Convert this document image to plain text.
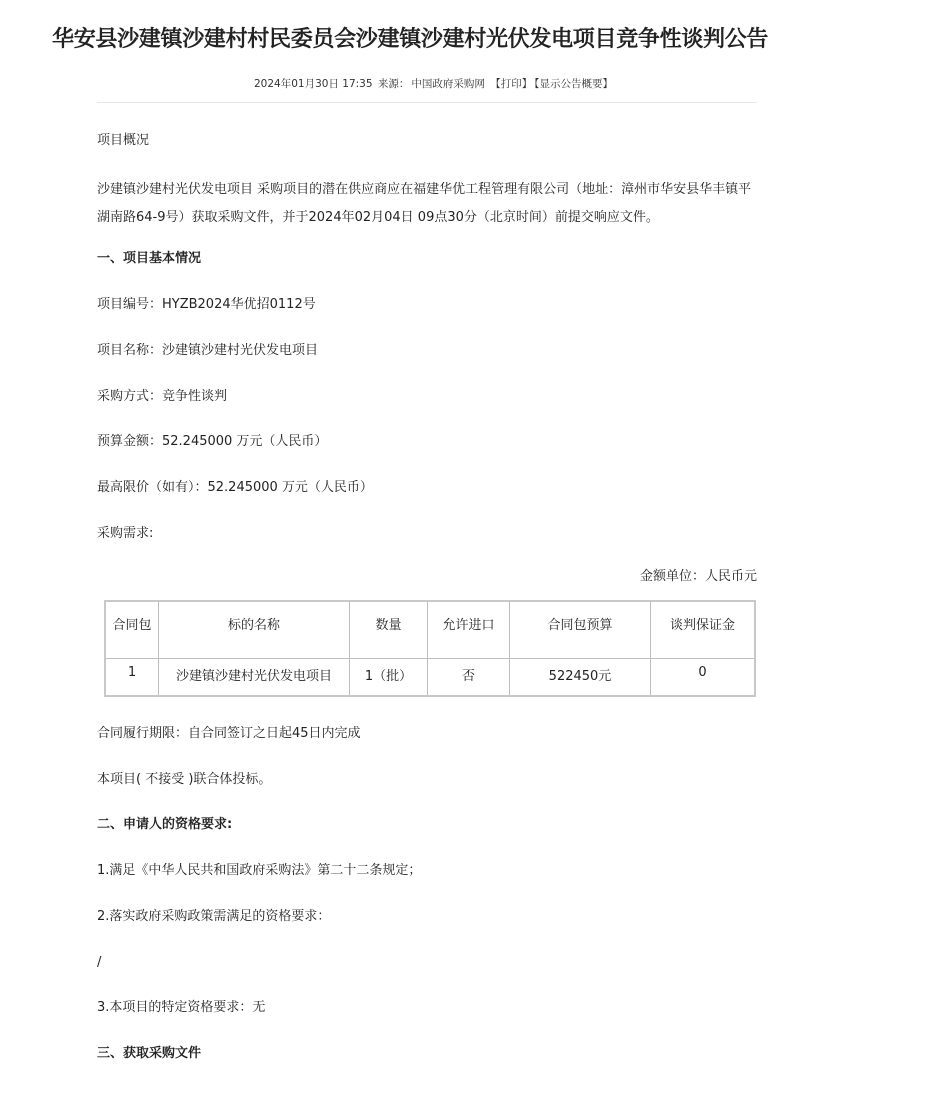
华安县沙建镇沙建村村民委员会沙建镇沙建村光伏发电项目竞争性谈判公告
2024年01月30日 17:35 来源： 中国政府采购网 【打印】 【显示公告概要】
项目概况
沙建镇沙建村光伏发电项目 采购项目的潜在供应商应在福建华优工程管理有限公司（地址：漳州市华安县华丰镇平湖南路64-9号）获取采购文件，并于2024年02月04日 09点30分（北京时间）前提交响应文件。
一、项目基本情况
项目编号：HYZB2024华优招0112号
项目名称：沙建镇沙建村光伏发电项目
采购方式：竞争性谈判
预算金额：52.245000 万元（人民币）
最高限价（如有）：52.245000 万元（人民币）
采购需求:
金额单位：人民币元
合同包	标的名称	数量	允许进口	合同包预算	谈判保证金
1	沙建镇沙建村光伏发电项目	1（批）	否	522450元	0
合同履行期限：自合同签订之日起45日内完成
本项目( 不接受 )联合体投标。
二、申请人的资格要求:
1.满足《中华人民共和国政府采购法》第二十二条规定；
2.落实政府采购政策需满足的资格要求：
/
3.本项目的特定资格要求：无
三、获取采购文件
